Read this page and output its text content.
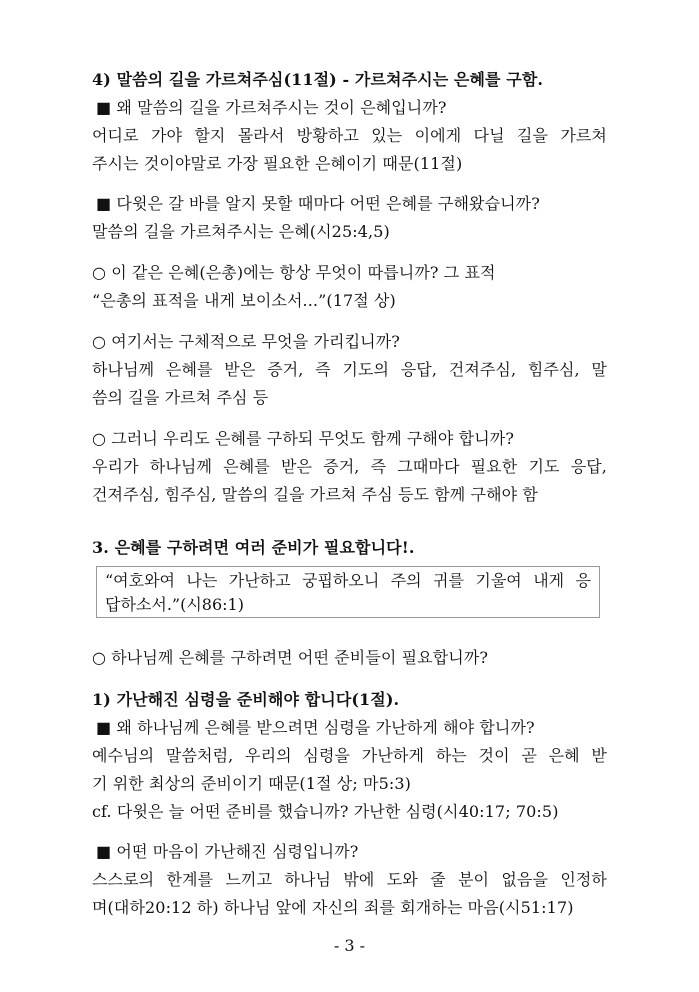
4) 말씀의 길을 가르쳐주심(11절) - 가르쳐주시는 은혜를 구함.
■ 왜 말씀의 길을 가르쳐주시는 것이 은혜입니까?
어디로 가야 할지 몰라서 방황하고 있는 이에게 다닐 길을 가르쳐
주시는 것이야말로 가장 필요한 은혜이기 때문(11절)
■ 다윗은 갈 바를 알지 못할 때마다 어떤 은혜를 구해왔습니까?
말씀의 길을 가르쳐주시는 은혜(시25:4,5)
○ 이 같은 은혜(은총)에는 항상 무엇이 따릅니까? 그 표적
“은총의 표적을 내게 보이소서...”(17절 상)
○ 여기서는 구체적으로 무엇을 가리킵니까?
하나님께 은혜를 받은 증거, 즉 기도의 응답, 건져주심, 힘주심, 말
씀의 길을 가르쳐 주심 등
○ 그러니 우리도 은혜를 구하되 무엇도 함께 구해야 합니까?
우리가 하나님께 은혜를 받은 증거, 즉 그때마다 필요한 기도 응답,
건져주심, 힘주심, 말씀의 길을 가르쳐 주심 등도 함께 구해야 함
3. 은혜를 구하려면 여러 준비가 필요합니다!.
“여호와여 나는 가난하고 궁핍하오니 주의 귀를 기울여 내게 응
답하소서.”(시86:1)
○ 하나님께 은혜를 구하려면 어떤 준비들이 필요합니까?
1) 가난해진 심령을 준비해야 합니다(1절).
■ 왜 하나님께 은혜를 받으려면 심령을 가난하게 해야 합니까?
예수님의 말씀처럼, 우리의 심령을 가난하게 하는 것이 곧 은혜 받
기 위한 최상의 준비이기 때문(1절 상; 마5:3)
cf. 다윗은 늘 어떤 준비를 했습니까? 가난한 심령(시40:17; 70:5)
■ 어떤 마음이 가난해진 심령입니까?
스스로의 한계를 느끼고 하나님 밖에 도와 줄 분이 없음을 인정하
며(대하20:12 하) 하나님 앞에 자신의 죄를 회개하는 마음(시51:17)
- 3 -
